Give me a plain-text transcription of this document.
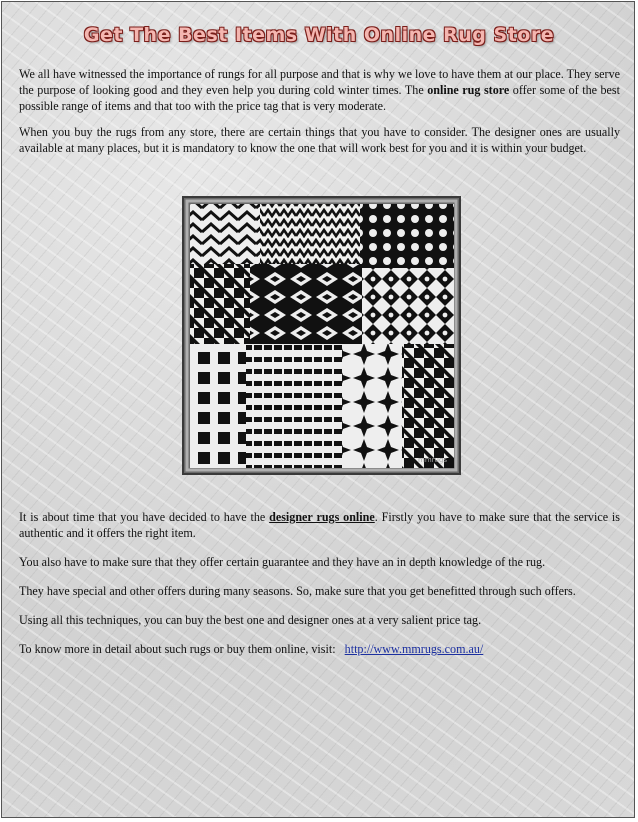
Get The Best Items With Online Rug Store

We all have witnessed the importance of rungs for all purpose and that is why we love to have them at our place. They serve the purpose of looking good and they even help you during cold winter times. The online rug store offer some of the best possible range of items and that too with the price tag that is very moderate.

When you buy the rugs from any store, there are certain things that you have to consider. The designer ones are usually available at many places, but it is mandatory to know the one that will work best for you and it is within your budget.

mmrugs

It is about time that you have decided to have the designer rugs online. Firstly you have to make sure that the service is authentic and it offers the right item.

You also have to make sure that they offer certain guarantee and they have an in depth knowledge of the rug.

They have special and other offers during many seasons. So, make sure that you get benefitted through such offers.

Using all this techniques, you can buy the best one and designer ones at a very salient price tag.

To know more in detail about such rugs or buy them online, visit: http://www.mmrugs.com.au/
